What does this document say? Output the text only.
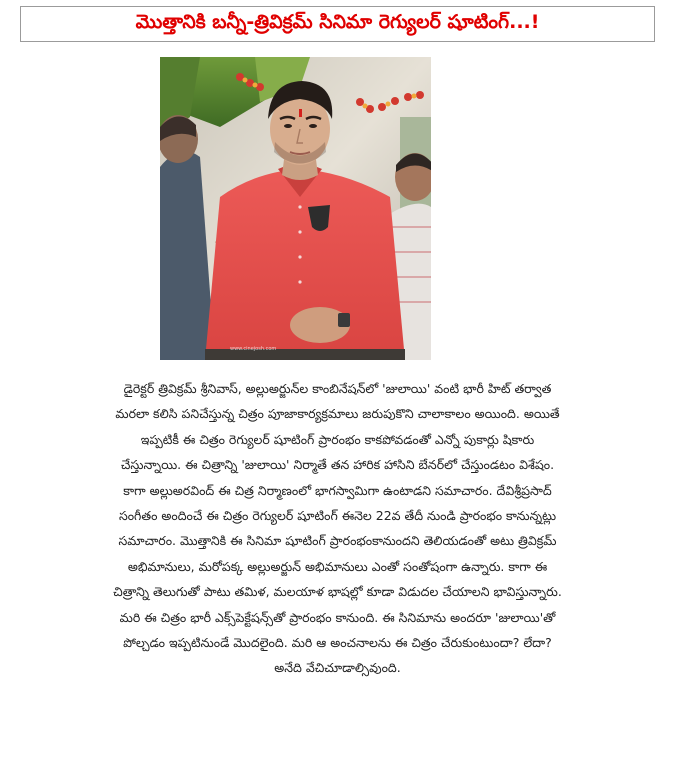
మొత్తానికి బన్నీ-త్రివిక్రమ్ సినిమా రెగ్యులర్ షూటింగ్...!
www.cinejosh.com
డైరెక్టర్ త్రివిక్రమ్ శ్రీనివాస్, అల్లుఅర్జున్‌ల కాంబినేషన్‌లో 'జులాయి' వంటి భారీ హిట్ తర్వాత
మరలా కలిసి పనిచేస్తున్న చిత్రం పూజాకార్యక్రమాలు జరుపుకొని చాలాకాలం అయింది. అయితే
ఇప్పటికీ ఈ చిత్రం రెగ్యులర్ షూటింగ్ ప్రారంభం కాకపోవడంతో ఎన్నో పుకార్లు షికారు
చేస్తున్నాయి. ఈ చిత్రాన్ని 'జులాయి' నిర్మాతే తన హారిక హాసిని బేనర్‌లో చేస్తుండటం విశేషం.
కాగా అల్లుఅరవింద్ ఈ చిత్ర నిర్మాణంలో భాగస్వామిగా ఉంటాడని సమాచారం. దేవిశ్రీప్రసాద్
సంగీతం అందించే ఈ చిత్రం రెగ్యులర్ షూటింగ్ ఈనెల 22వ తేదీ నుండి ప్రారంభం కానున్నట్లు
సమాచారం. మొత్తానికి ఈ సినిమా షూటింగ్ ప్రారంభంకానుందని తెలియడంతో అటు త్రివిక్రమ్
అభిమానులు, మరోపక్క అల్లుఅర్జున్ అభిమానులు ఎంతో సంతోషంగా ఉన్నారు. కాగా ఈ
చిత్రాన్ని తెలుగుతో పాటు తమిళ, మలయాళ భాషల్లో కూడా విడుదల చేయాలని భావిస్తున్నారు.
మరి ఈ చిత్రం భారీ ఎక్స్‌పెక్టేషన్స్‌తో ప్రారంభం కానుంది. ఈ సినిమాను అందరూ 'జులాయి'తో
పోల్చడం ఇప్పటినుండే మొదలైంది. మరి ఆ అంచనాలను ఈ చిత్రం చేరుకుంటుందా? లేదా?
అనేది వేచిచూడాల్సివుంది.
